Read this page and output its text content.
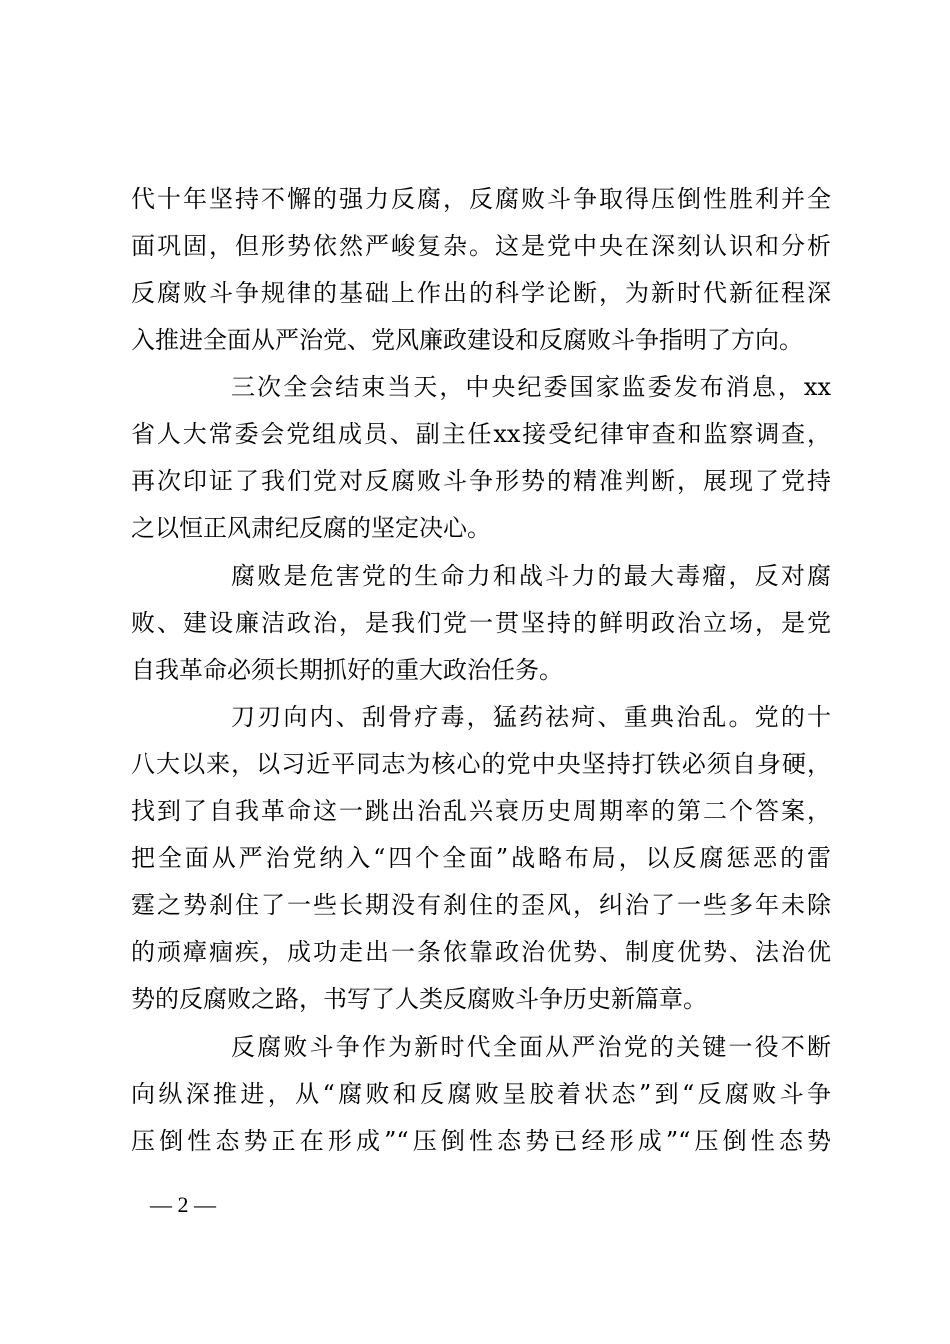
代十年坚持不懈的强力反腐，反腐败斗争取得压倒性胜利并全
面巩固，但形势依然严峻复杂。这是党中央在深刻认识和分析
反腐败斗争规律的基础上作出的科学论断，为新时代新征程深
入推进全面从严治党、党风廉政建设和反腐败斗争指明了方向。
三次全会结束当天，中央纪委国家监委发布消息，xx
省人大常委会党组成员、副主任xx接受纪律审查和监察调查，
再次印证了我们党对反腐败斗争形势的精准判断，展现了党持
之以恒正风肃纪反腐的坚定决心。
腐败是危害党的生命力和战斗力的最大毒瘤，反对腐
败、建设廉洁政治，是我们党一贯坚持的鲜明政治立场，是党
自我革命必须长期抓好的重大政治任务。
刀刃向内、刮骨疗毒，猛药祛疴、重典治乱。党的十
八大以来，以习近平同志为核心的党中央坚持打铁必须自身硬，
找到了自我革命这一跳出治乱兴衰历史周期率的第二个答案，
把全面从严治党纳入“四个全面”战略布局，以反腐惩恶的雷
霆之势刹住了一些长期没有刹住的歪风，纠治了一些多年未除
的顽瘴痼疾，成功走出一条依靠政治优势、制度优势、法治优
势的反腐败之路，书写了人类反腐败斗争历史新篇章。
反腐败斗争作为新时代全面从严治党的关键一役不断
向纵深推进，从“腐败和反腐败呈胶着状态”到“反腐败斗争
压倒性态势正在形成”“压倒性态势已经形成”“压倒性态势
— 2 —
